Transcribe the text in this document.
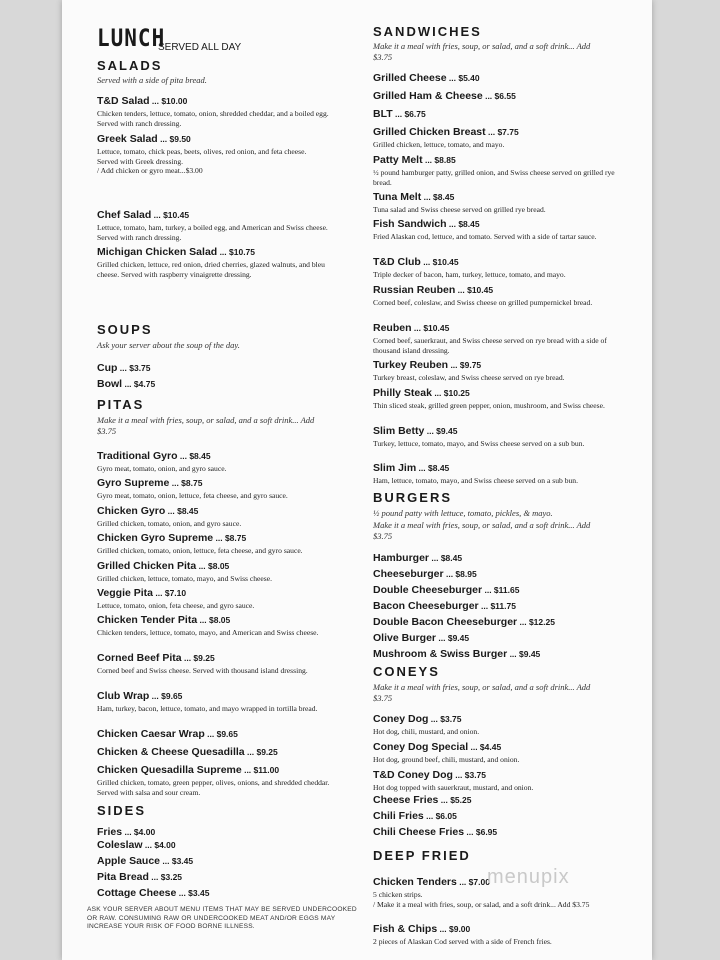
LUNCH
SERVED ALL DAY
SALADS
Served with a side of pita bread.
T&D Salad ... $10.00
Chicken tenders, lettuce, tomato, onion, shredded cheddar, and a boiled egg. Served with ranch dressing.
Greek Salad ... $9.50
Lettuce, tomato, chick peas, beets, olives, red onion, and feta cheese. Served with Greek dressing.
/ Add chicken or gyro meat...$3.00
Chef Salad ... $10.45
Lettuce, tomato, ham, turkey, a boiled egg, and American and Swiss cheese. Served with ranch dressing.
Michigan Chicken Salad ... $10.75
Grilled chicken, lettuce, red onion, dried cherries, glazed walnuts, and bleu cheese. Served with raspberry vinaigrette dressing.
SOUPS
Ask your server about the soup of the day.
Cup ... $3.75
Bowl ... $4.75
PITAS
Make it a meal with fries, soup, or salad, and a soft drink... Add $3.75
Traditional Gyro ... $8.45
Gyro meat, tomato, onion, and gyro sauce.
Gyro Supreme ... $8.75
Gyro meat, tomato, onion, lettuce, feta cheese, and gyro sauce.
Chicken Gyro ... $8.45
Grilled chicken, tomato, onion, and gyro sauce.
Chicken Gyro Supreme ... $8.75
Grilled chicken, tomato, onion, lettuce, feta cheese, and gyro sauce.
Grilled Chicken Pita ... $8.05
Grilled chicken, lettuce, tomato, mayo, and Swiss cheese.
Veggie Pita ... $7.10
Lettuce, tomato, onion, feta cheese, and gyro sauce.
Chicken Tender Pita ... $8.05
Chicken tenders, lettuce, tomato, mayo, and American and Swiss cheese.
Corned Beef Pita ... $9.25
Corned beef and Swiss cheese. Served with thousand island dressing.
Club Wrap ... $9.65
Ham, turkey, bacon, lettuce, tomato, and mayo wrapped in tortilla bread.
Chicken Caesar Wrap ... $9.65
Chicken & Cheese Quesadilla ... $9.25
Chicken Quesadilla Supreme ... $11.00
Grilled chicken, tomato, green pepper, olives, onions, and shredded cheddar. Served with salsa and sour cream.
SIDES
Fries ... $4.00
Coleslaw ... $4.00
Apple Sauce ... $3.45
Pita Bread ... $3.25
Cottage Cheese ... $3.45
ASK YOUR SERVER ABOUT MENU ITEMS THAT MAY BE SERVED UNDERCOOKED OR RAW. CONSUMING RAW OR UNDERCOOKED MEAT AND/OR EGGS MAY INCREASE YOUR RISK OF FOOD BORNE ILLNESS.
SANDWICHES
Make it a meal with fries, soup, or salad, and a soft drink... Add $3.75
Grilled Cheese ... $5.40
Grilled Ham & Cheese ... $6.55
BLT ... $6.75
Grilled Chicken Breast ... $7.75
Grilled chicken, lettuce, tomato, and mayo.
Patty Melt ... $8.85
½ pound hamburger patty, grilled onion, and Swiss cheese served on grilled rye bread.
Tuna Melt ... $8.45
Tuna salad and Swiss cheese served on grilled rye bread.
Fish Sandwich ... $8.45
Fried Alaskan cod, lettuce, and tomato. Served with a side of tartar sauce.
T&D Club ... $10.45
Triple decker of bacon, ham, turkey, lettuce, tomato, and mayo.
Russian Reuben ... $10.45
Corned beef, coleslaw, and Swiss cheese on grilled pumpernickel bread.
Reuben ... $10.45
Corned beef, sauerkraut, and Swiss cheese served on rye bread with a side of thousand island dressing.
Turkey Reuben ... $9.75
Turkey breast, coleslaw, and Swiss cheese served on rye bread.
Philly Steak ... $10.25
Thin sliced steak, grilled green pepper, onion, mushroom, and Swiss cheese.
Slim Betty ... $9.45
Turkey, lettuce, tomato, mayo, and Swiss cheese served on a sub bun.
Slim Jim ... $8.45
Ham, lettuce, tomato, mayo, and Swiss cheese served on a sub bun.
BURGERS
½ pound patty with lettuce, tomato, pickles, & mayo.
Make it a meal with fries, soup, or salad, and a soft drink... Add $3.75
Hamburger ... $8.45
Cheeseburger ... $8.95
Double Cheeseburger ... $11.65
Bacon Cheeseburger ... $11.75
Double Bacon Cheeseburger ... $12.25
Olive Burger ... $9.45
Mushroom & Swiss Burger ... $9.45
CONEYS
Make it a meal with fries, soup, or salad, and a soft drink... Add $3.75
Coney Dog ... $3.75
Hot dog, chili, mustard, and onion.
Coney Dog Special ... $4.45
Hot dog, ground beef, chili, mustard, and onion.
T&D Coney Dog ... $3.75
Hot dog topped with sauerkraut, mustard, and onion.
Cheese Fries ... $5.25
Chili Fries ... $6.05
Chili Cheese Fries ... $6.95
DEEP FRIED
Chicken Tenders ... $7.00
5 chicken strips.
/ Make it a meal with fries, soup, or salad, and a soft drink... Add $3.75
Fish & Chips ... $9.00
2 pieces of Alaskan Cod served with a side of French fries.
menupix
